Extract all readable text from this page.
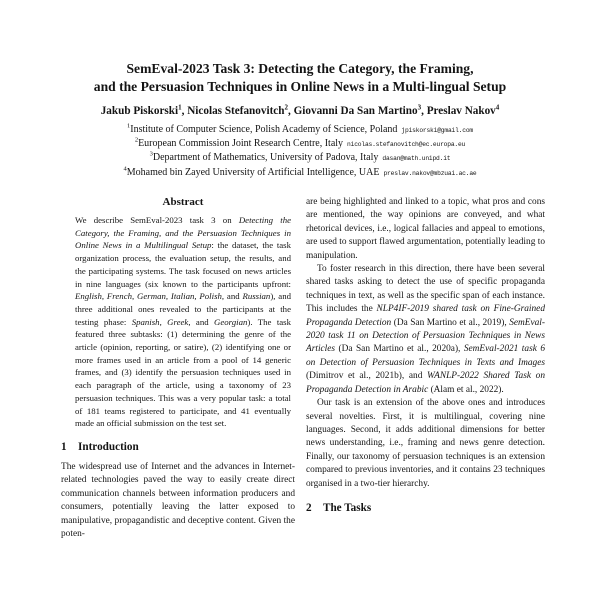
SemEval-2023 Task 3: Detecting the Category, the Framing,
and the Persuasion Techniques in Online News in a Multi-lingual Setup
Jakub Piskorski$^1$, Nicolas Stefanovitch$^2$, Giovanni Da San Martino$^3$, Preslav Nakov$^4$
$^1$Institute of Computer Science, Polish Academy of Science, Poland jpiskorski@gmail.com
$^2$European Commission Joint Research Centre, Italy nicolas.stefanovitch@ec.europa.eu
$^3$Department of Mathematics, University of Padova, Italy dasan@math.unipd.it
$^4$Mohamed bin Zayed University of Artificial Intelligence, UAE preslav.nakov@mbzuai.ac.ae
Abstract

We describe SemEval-2023 task 3 on Detecting the Category, the Framing, and the Persuasion Techniques in Online News in a Multilingual Setup: the dataset, the task organization process, the evaluation setup, the results, and the participating systems. The task focused on news articles in nine languages (six known to the participants upfront: English, French, German, Italian, Polish, and Russian), and three additional ones revealed to the participants at the testing phase: Spanish, Greek, and Georgian). The task featured three subtasks: (1) determining the genre of the article (opinion, reporting, or satire), (2) identifying one or more frames used in an article from a pool of 14 generic frames, and (3) identify the persuasion techniques used in each paragraph of the article, using a taxonomy of 23 persuasion techniques. This was a very popular task: a total of 181 teams registered to participate, and 41 eventually made an official submission on the test set.

1 Introduction

The widespread use of Internet and the advances in Internet-related technologies paved the way to easily create direct communication channels between information producers and consumers, potentially leaving the latter exposed to manipulative, propagandistic and deceptive content. Given the poten-

are being highlighted and linked to a topic, what pros and cons are mentioned, the way opinions are conveyed, and what rhetorical devices, i.e., logical fallacies and appeal to emotions, are used to support flawed argumentation, potentially leading to manipulation.

To foster research in this direction, there have been several shared tasks asking to detect the use of specific propaganda techniques in text, as well as the specific span of each instance. This includes the NLP4IF-2019 shared task on Fine-Grained Propaganda Detection (Da San Martino et al., 2019), SemEval-2020 task 11 on Detection of Persuasion Techniques in News Articles (Da San Martino et al., 2020a), SemEval-2021 task 6 on Detection of Persuasion Techniques in Texts and Images (Dimitrov et al., 2021b), and WANLP-2022 Shared Task on Propaganda Detection in Arabic (Alam et al., 2022).

Our task is an extension of the above ones and introduces several novelties. First, it is multilingual, covering nine languages. Second, it adds additional dimensions for better news understanding, i.e., framing and news genre detection. Finally, our taxonomy of persuasion techniques is an extension compared to previous inventories, and it contains 23 techniques organised in a two-tier hierarchy.

2 The Tasks
